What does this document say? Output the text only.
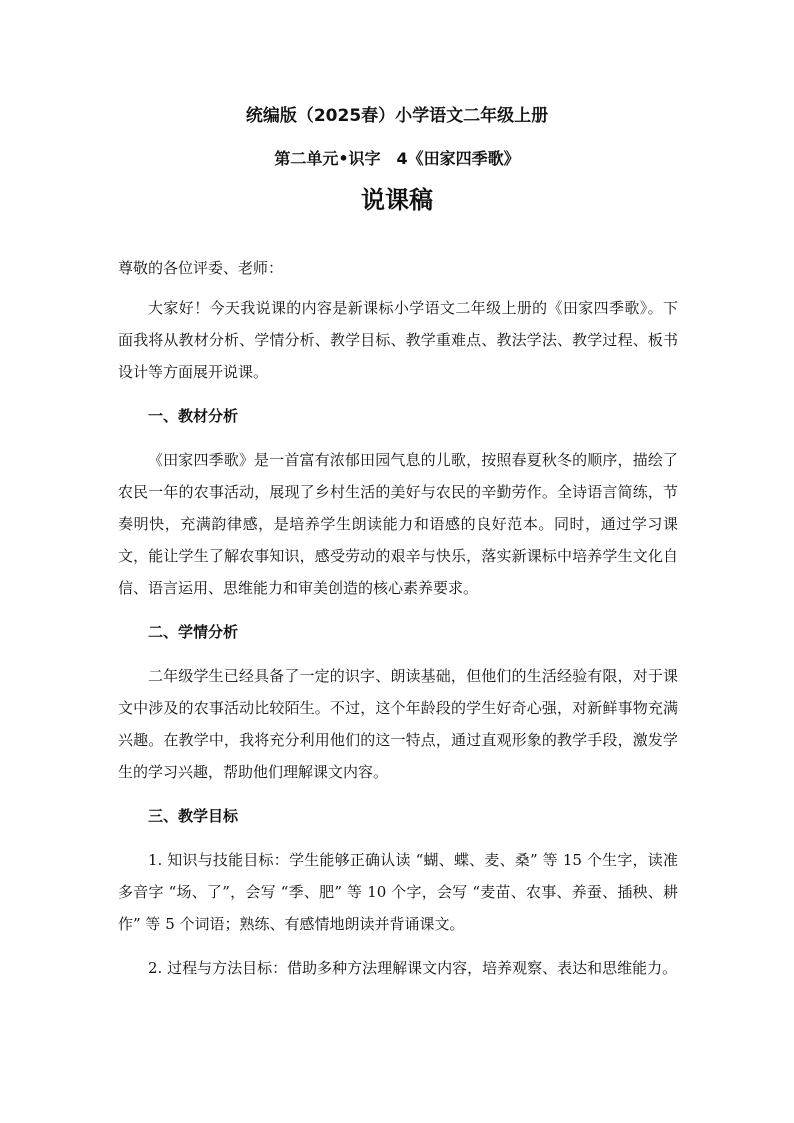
统编版（2025春）小学语文二年级上册
第二单元•识字　4《田家四季歌》
说课稿

尊敬的各位评委、老师：

大家好！今天我说课的内容是新课标小学语文二年级上册的《田家四季歌》。下面我将从教材分析、学情分析、教学目标、教学重难点、教法学法、教学过程、板书设计等方面展开说课。

一、教材分析

《田家四季歌》是一首富有浓郁田园气息的儿歌，按照春夏秋冬的顺序，描绘了农民一年的农事活动，展现了乡村生活的美好与农民的辛勤劳作。全诗语言简练，节奏明快，充满韵律感，是培养学生朗读能力和语感的良好范本。同时，通过学习课文，能让学生了解农事知识，感受劳动的艰辛与快乐，落实新课标中培养学生文化自信、语言运用、思维能力和审美创造的核心素养要求。

二、学情分析

二年级学生已经具备了一定的识字、朗读基础，但他们的生活经验有限，对于课文中涉及的农事活动比较陌生。不过，这个年龄段的学生好奇心强，对新鲜事物充满兴趣。在教学中，我将充分利用他们的这一特点，通过直观形象的教学手段，激发学生的学习兴趣，帮助他们理解课文内容。

三、教学目标

1. 知识与技能目标：学生能够正确认读 “蝴、蝶、麦、桑” 等 15 个生字，读准多音字 “场、了”，会写 “季、肥” 等 10 个字，会写 “麦苗、农事、养蚕、插秧、耕作” 等 5 个词语；熟练、有感情地朗读并背诵课文。

2. 过程与方法目标：借助多种方法理解课文内容，培养观察、表达和思维能力。
